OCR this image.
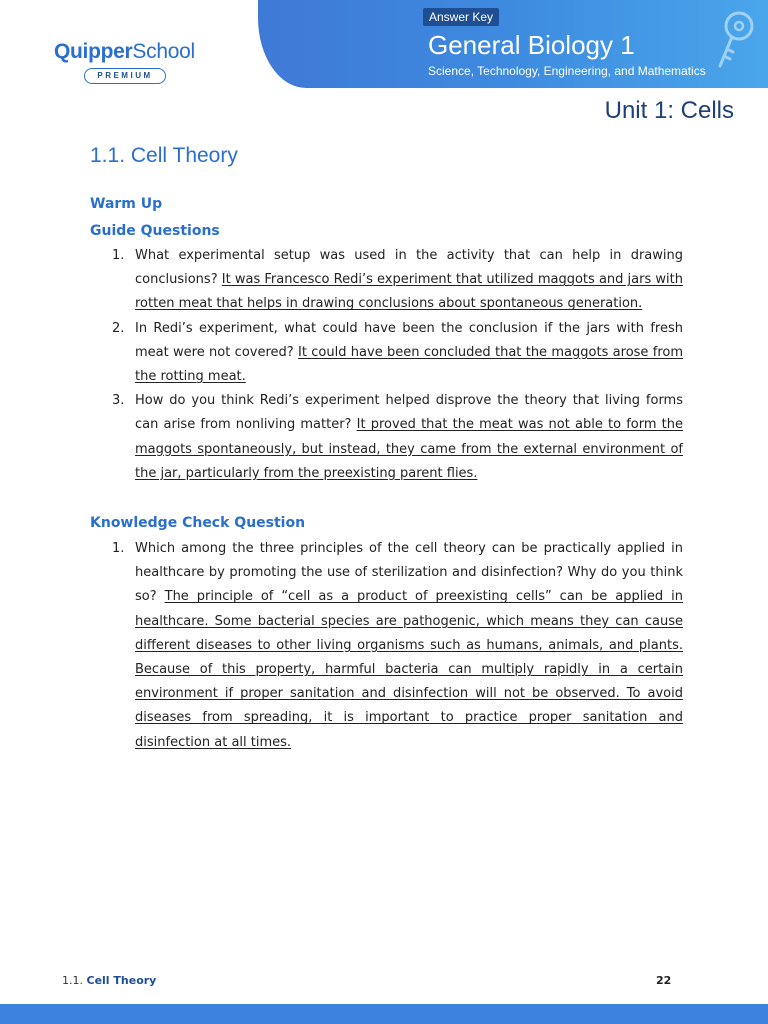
Answer Key
General Biology 1
Science, Technology, Engineering, and Mathematics
QuipperSchool
PREMIUM
Unit 1: Cells
1.1. Cell Theory
Warm Up
Guide Questions
1. What experimental setup was used in the activity that can help in drawing conclusions? It was Francesco Redi’s experiment that utilized maggots and jars with rotten meat that helps in drawing conclusions about spontaneous generation.
2. In Redi’s experiment, what could have been the conclusion if the jars with fresh meat were not covered? It could have been concluded that the maggots arose from the rotting meat.
3. How do you think Redi’s experiment helped disprove the theory that living forms can arise from nonliving matter? It proved that the meat was not able to form the maggots spontaneously, but instead, they came from the external environment of the jar, particularly from the preexisting parent flies.
Knowledge Check Question
1. Which among the three principles of the cell theory can be practically applied in healthcare by promoting the use of sterilization and disinfection? Why do you think so? The principle of “cell as a product of preexisting cells” can be applied in healthcare. Some bacterial species are pathogenic, which means they can cause different diseases to other living organisms such as humans, animals, and plants. Because of this property, harmful bacteria can multiply rapidly in a certain environment if proper sanitation and disinfection will not be observed. To avoid diseases from spreading, it is important to practice proper sanitation and disinfection at all times.
1.1. Cell Theory	22
